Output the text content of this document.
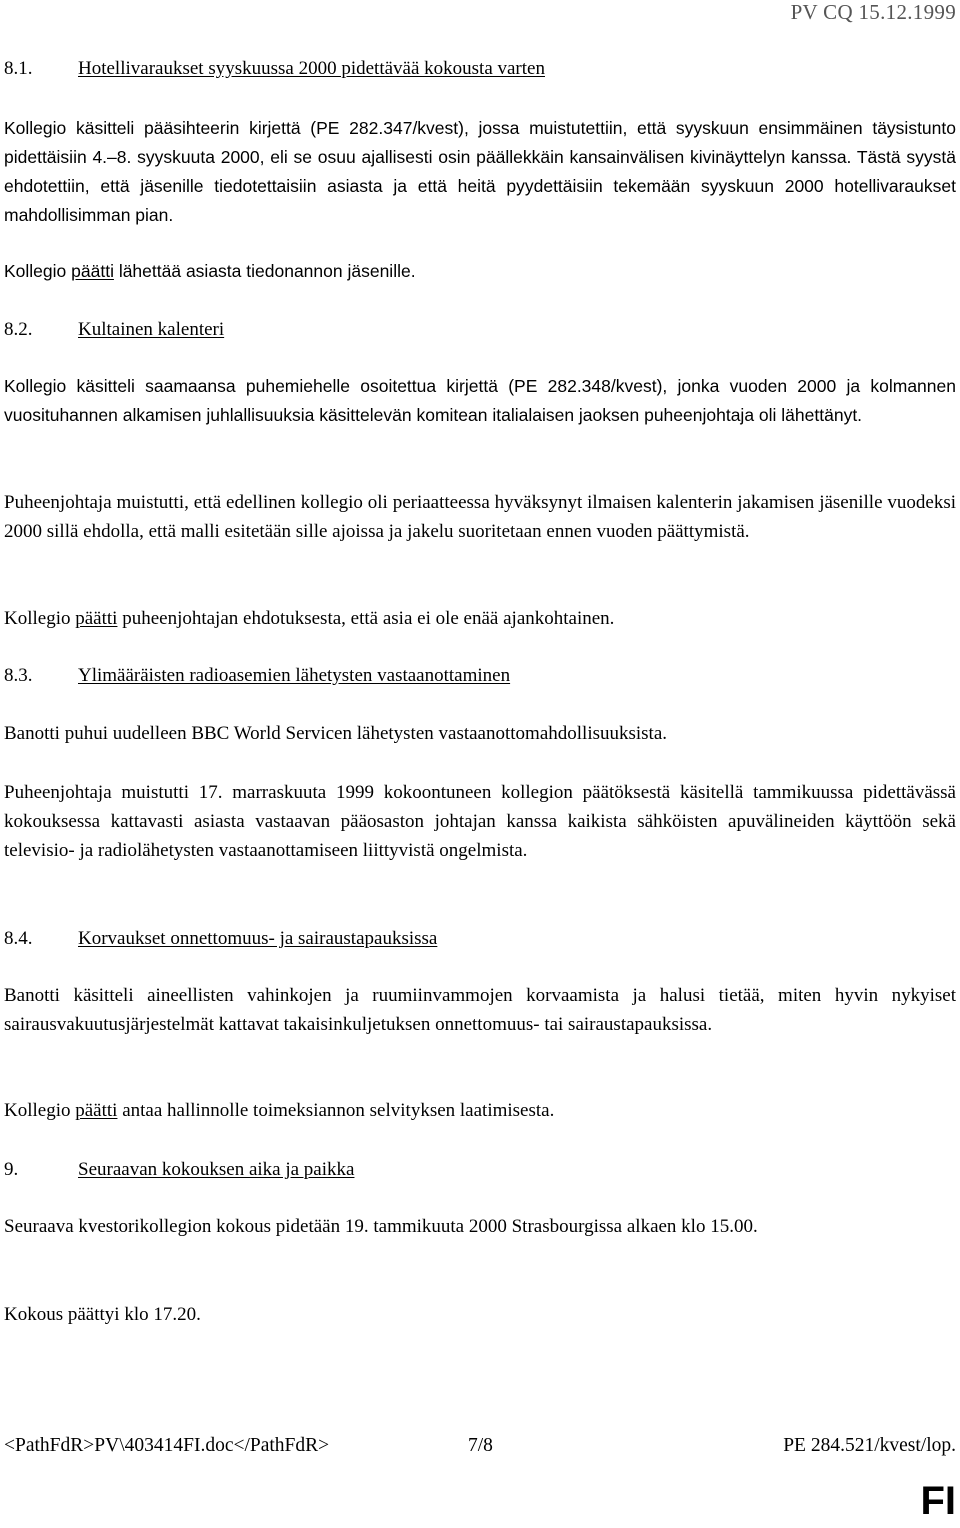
PV CQ 15.12.1999
8.1. Hotellivaraukset syyskuussa 2000 pidettävää kokousta varten

Kollegio käsitteli pääsihteerin kirjettä (PE 282.347/kvest), jossa muistutettiin, että syyskuun ensimmäinen täysistunto pidettäisiin 4.–8. syyskuuta 2000, eli se osuu ajallisesti osin päällekkäin kansainvälisen kivinäyttelyn kanssa. Tästä syystä ehdotettiin, että jäsenille tiedotettaisiin asiasta ja että heitä pyydettäisiin tekemään syyskuun 2000 hotellivaraukset mahdollisimman pian.

Kollegio päätti lähettää asiasta tiedonannon jäsenille.

8.2. Kultainen kalenteri

Kollegio käsitteli saamaansa puhemiehelle osoitettua kirjettä (PE 282.348/kvest), jonka vuoden 2000 ja kolmannen vuosituhannen alkamisen juhlallisuuksia käsittelevän komitean italialaisen jaoksen puheenjohtaja oli lähettänyt.

Puheenjohtaja muistutti, että edellinen kollegio oli periaatteessa hyväksynyt ilmaisen kalenterin jakamisen jäsenille vuodeksi 2000 sillä ehdolla, että malli esitetään sille ajoissa ja jakelu suoritetaan ennen vuoden päättymistä.

Kollegio päätti puheenjohtajan ehdotuksesta, että asia ei ole enää ajankohtainen.

8.3. Ylimääräisten radioasemien lähetysten vastaanottaminen

Banotti puhui uudelleen BBC World Servicen lähetysten vastaanottomahdollisuuksista.

Puheenjohtaja muistutti 17. marraskuuta 1999 kokoontuneen kollegion päätöksestä käsitellä tammikuussa pidettävässä kokouksessa kattavasti asiasta vastaavan pääosaston johtajan kanssa kaikista sähköisten apuvälineiden käyttöön sekä televisio- ja radiolähetysten vastaanottamiseen liittyvistä ongelmista.

8.4. Korvaukset onnettomuus- ja sairaustapauksissa

Banotti käsitteli aineellisten vahinkojen ja ruumiinvammojen korvaamista ja halusi tietää, miten hyvin nykyiset sairausvakuutusjärjestelmät kattavat takaisinkuljetuksen onnettomuus- tai sairaustapauksissa.

Kollegio päätti antaa hallinnolle toimeksiannon selvityksen laatimisesta.

9.	Seuraavan kokouksen aika ja paikka

Seuraava kvestorikollegion kokous pidetään 19. tammikuuta 2000 Strasbourgissa alkaen klo 15.00.

Kokous päättyi klo 17.20.

<PathFdR>PV\403414FI.doc</PathFdR>	7/8	PE 284.521/kvest/lop.
FI
